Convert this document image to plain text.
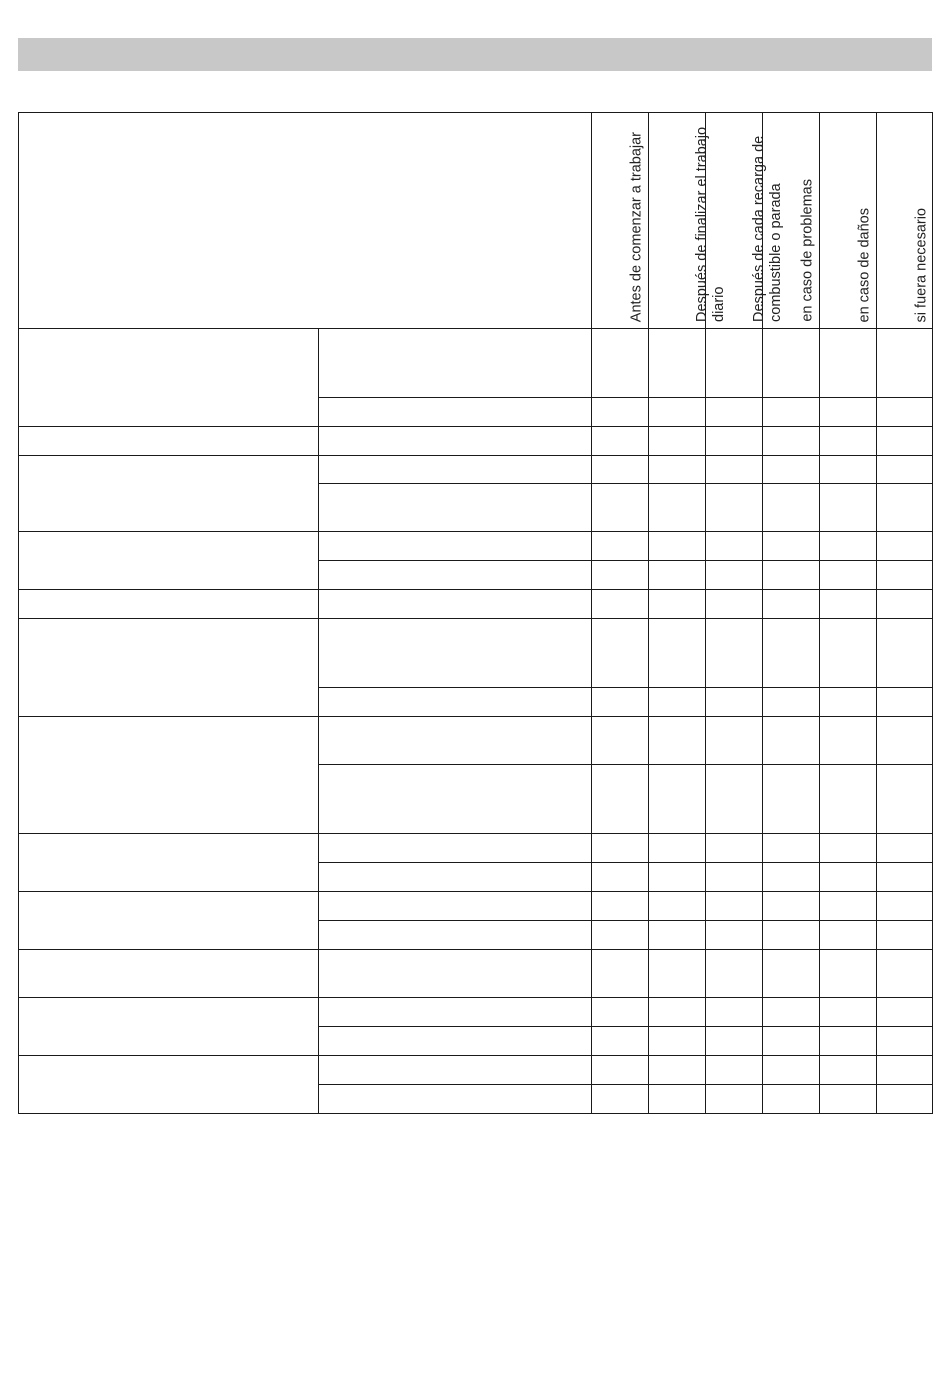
		Antes de comenzar a trabajar	Después de finalizar el trabajo diario	Después de cada recarga de combustible o parada	en caso de problemas	en caso de daños	si fuera necesario
